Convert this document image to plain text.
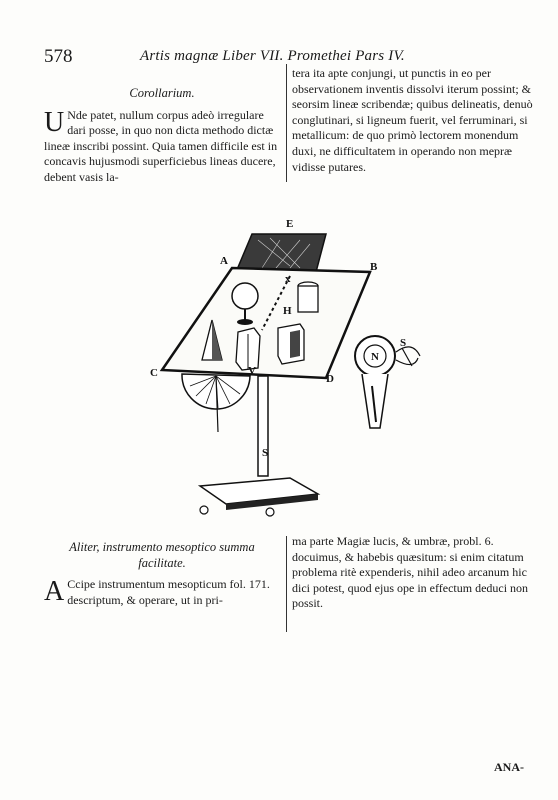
578	Artis magnæ Liber VII. Promethei Pars IV.

Corollarium.

U Nde patet, nullum corpus adeò irregulare dari posse, in quo non dicta methodo dictæ lineæ inscribi possint. Quia tamen difficile est in concavis hujusmodi superficiebus lineas ducere, debent vasis la-

tera ita apte conjungi, ut punctis in eo per observationem inventis dissolvi iterum possint; & seorsim lineæ scribendæ; quibus delineatis, denuò conglutinari, si ligneum fuerit, vel ferruminari, si metallicum: de quo primò lectorem monendum duxi, ne difficultatem in operando non mepræ vidisse putares.

E
A	B
C	D
H
x
V
S
N
S

Aliter, instrumento mesoptico summa facilitate.

A Ccipe instrumentum mesopticum fol. 171. descriptum, & operare, ut in pri-

ma parte Magiæ lucis, & umbræ, probl. 6. docuimus, & habebis quæsitum: si enim citatum problema ritè expenderis, nihil adeo arcanum hic dici potest, quod ejus ope in effectum deduci non possit.

ANA-
